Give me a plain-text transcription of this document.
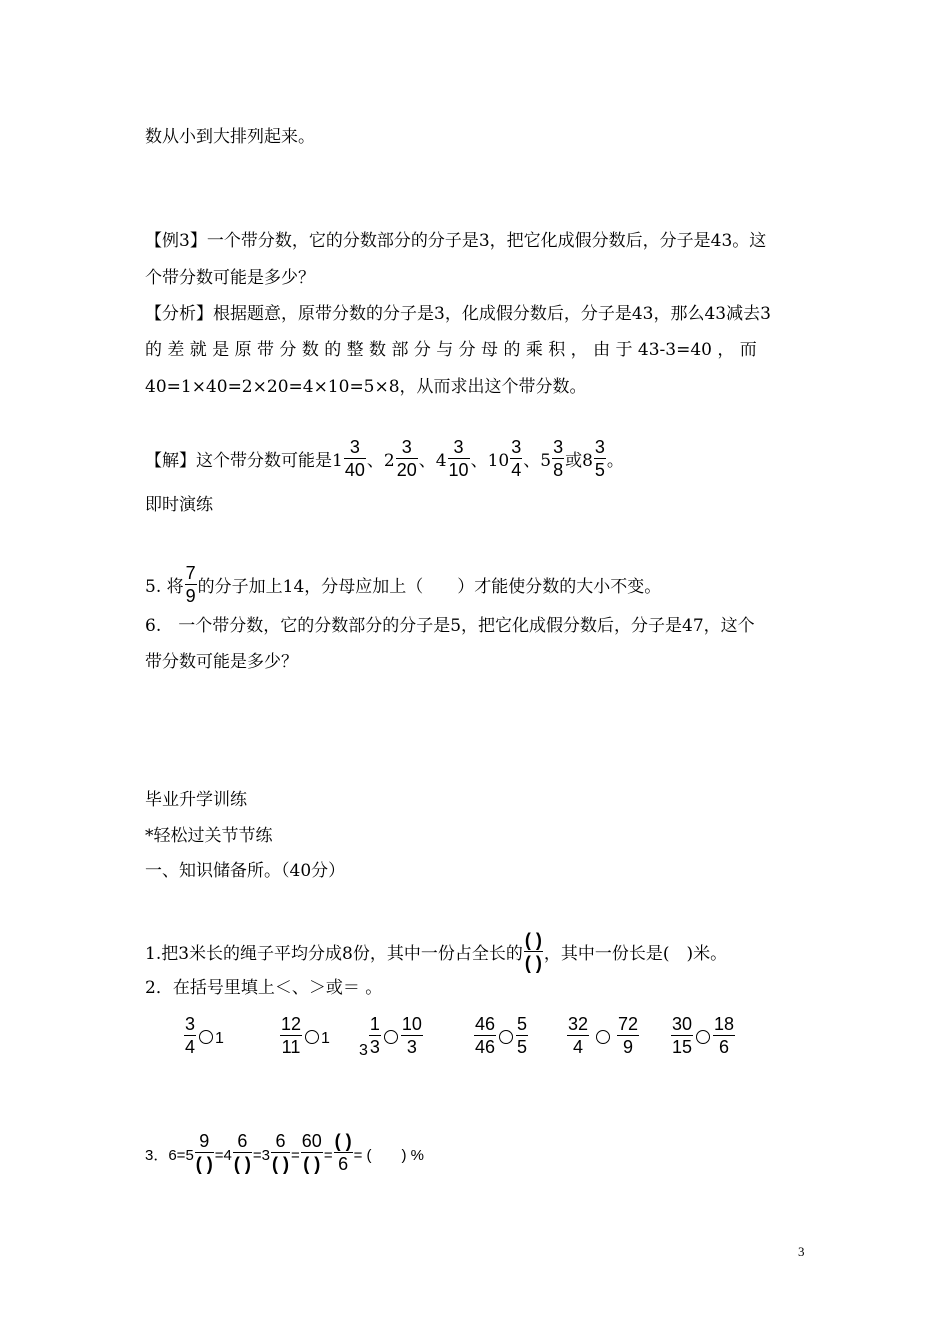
数从小到大排列起来。
【例3】一个带分数，它的分数部分的分子是3，把它化成假分数后，分子是43。这
个带分数可能是多少？
【分析】根据题意，原带分数的分子是3，化成假分数后，分子是43，那么43减去3
的 差 就 是 原 带 分 数 的 整 数 部 分 与 分 母 的 乘 积 ， 由 于 43-3=40 ， 而
40=1×40=2×20=4×10=5×8，从而求出这个带分数。
【解】这个带分数可能是$1 \frac{3}{40}$ 、$2 \frac{3}{20}$ 、$4 \frac{3}{10}$ 、$10 \frac{3}{4}$ 、$5 \frac{3}{8}$ 或$8 \frac{3}{5}$ 。
即时演练
5. 将 $\frac{7}{9}$ 的分子加上14，分母应加上（　　）才能使分数的大小不变。
6.　一个带分数，它的分数部分的分子是5，把它化成假分数后，分子是47，这个
带分数可能是多少？
毕业升学训练
*轻松过关节节练
一、知识储备所。（40分）
1.把3米长的绳子平均分成8份，其中一份占全长的
( )
( ) ，其中一份长是(　)米。
2．在括号里填上＜、＞或＝ 。
$\frac{3}{4} 1$	$\frac{12}{11} 1$
$3 \frac{1}{3} \frac{10}{3}$	$\frac{46}{46} \frac{5}{5} \frac{32}{4} \frac{72}{9} \frac{30}{15} \frac{18}{6}$
3．6=5
9
( ) =4
6
( ) =3
6
( ) =
60
( ) =
( )
6 = (　　) %
3
